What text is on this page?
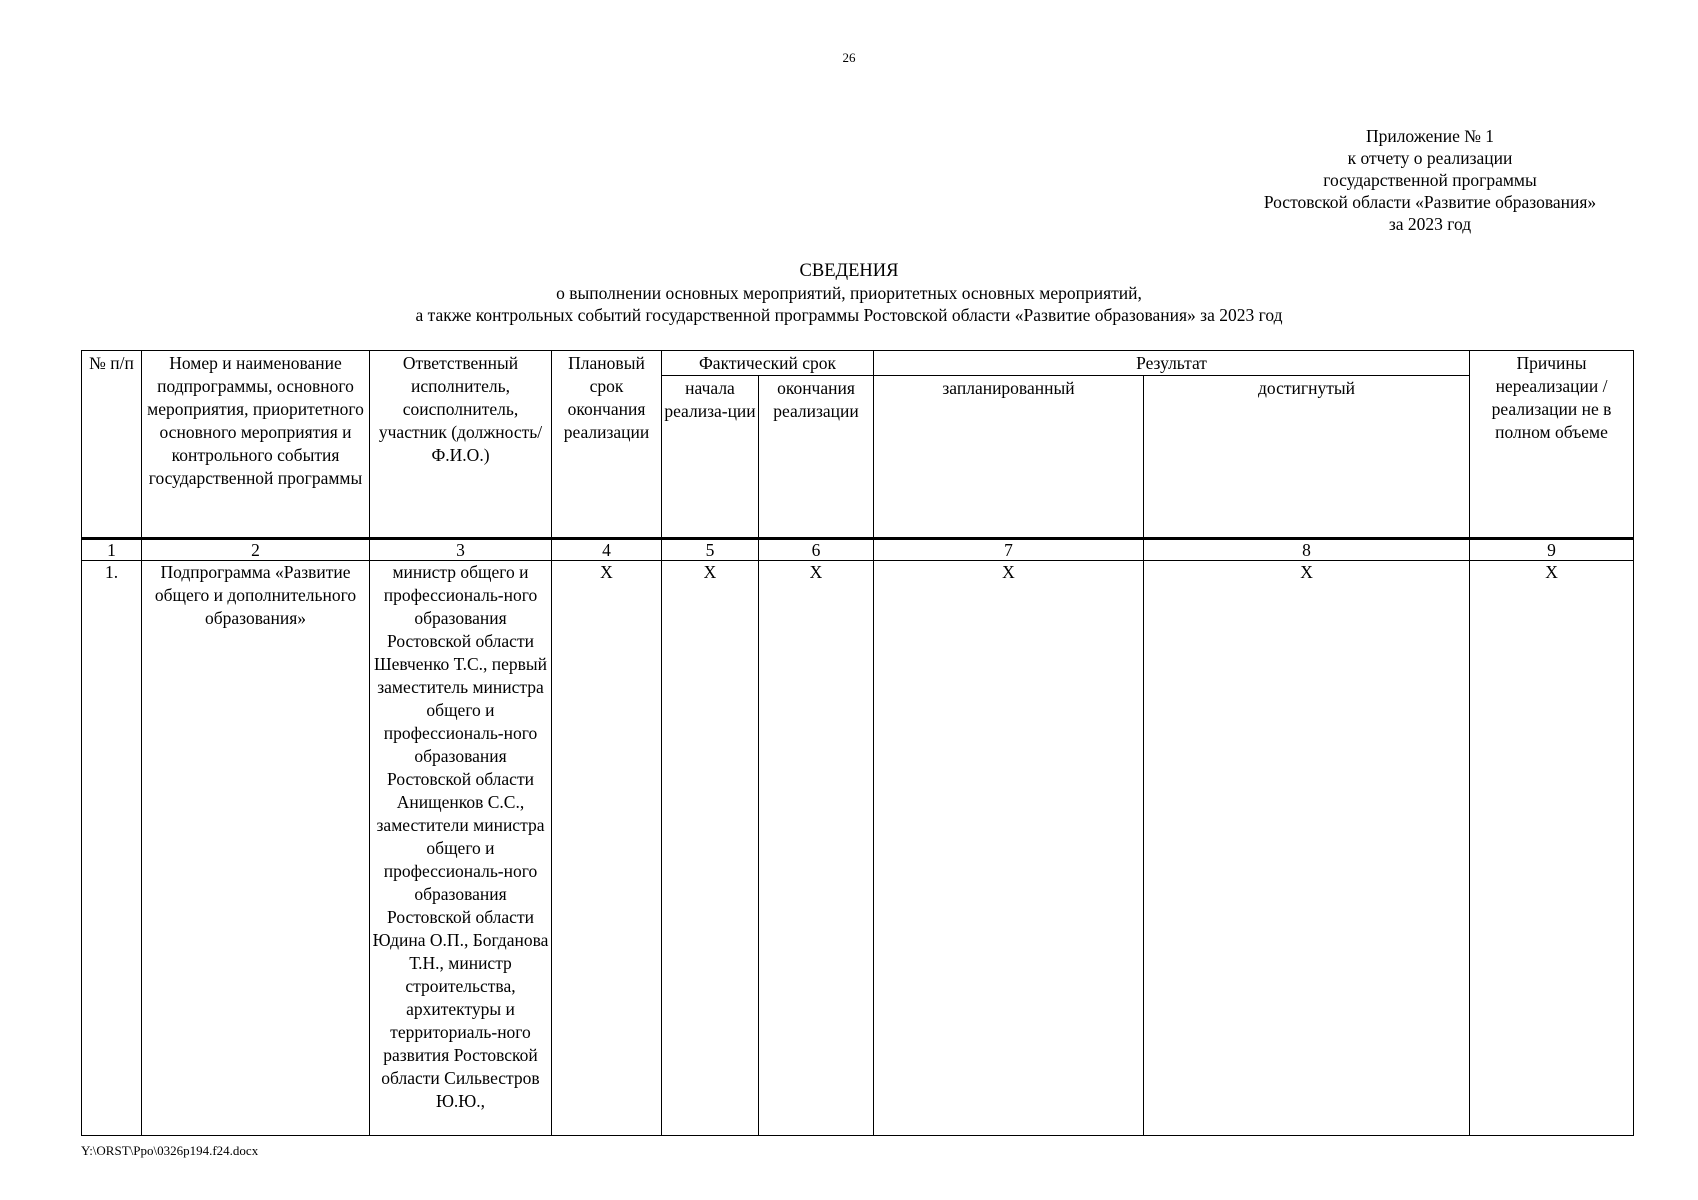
26
Приложение № 1
к отчету о реализации
государственной программы
Ростовской области «Развитие образования»
за 2023 год
СВЕДЕНИЯ
о выполнении основных мероприятий, приоритетных основных мероприятий,
а также контрольных событий государственной программы Ростовской области «Развитие образования» за 2023 год
№ п/п	Номер и наименование подпрограммы, основного мероприятия, приоритетного основного мероприятия и контрольного события государственной программы	Ответственный исполнитель, соисполнитель, участник (должность/Ф.И.О.)	Плановый срок окончания реализации	Фактический срок		Результат		Причины нереализации / реализации не в полном объеме
				начала реализа-ции	окончания реализации	запланированный	достигнутый	
1	2	3	4	5	6	7	8	9
1.	Подпрограмма «Развитие общего и дополнительного образования»	министр общего и профессиональ-ного образования Ростовской области Шевченко Т.С., первый заместитель министра общего и профессиональ-ного образования Ростовской области Анищенков С.С., заместители министра общего и профессиональ-ного образования Ростовской области Юдина О.П., Богданова Т.Н., министр строительства, архитектуры и территориаль-ного развития Ростовской области Сильвестров Ю.Ю.,	X	X	X	X	X	X
Y:\ORST\Ppo\0326p194.f24.docx
